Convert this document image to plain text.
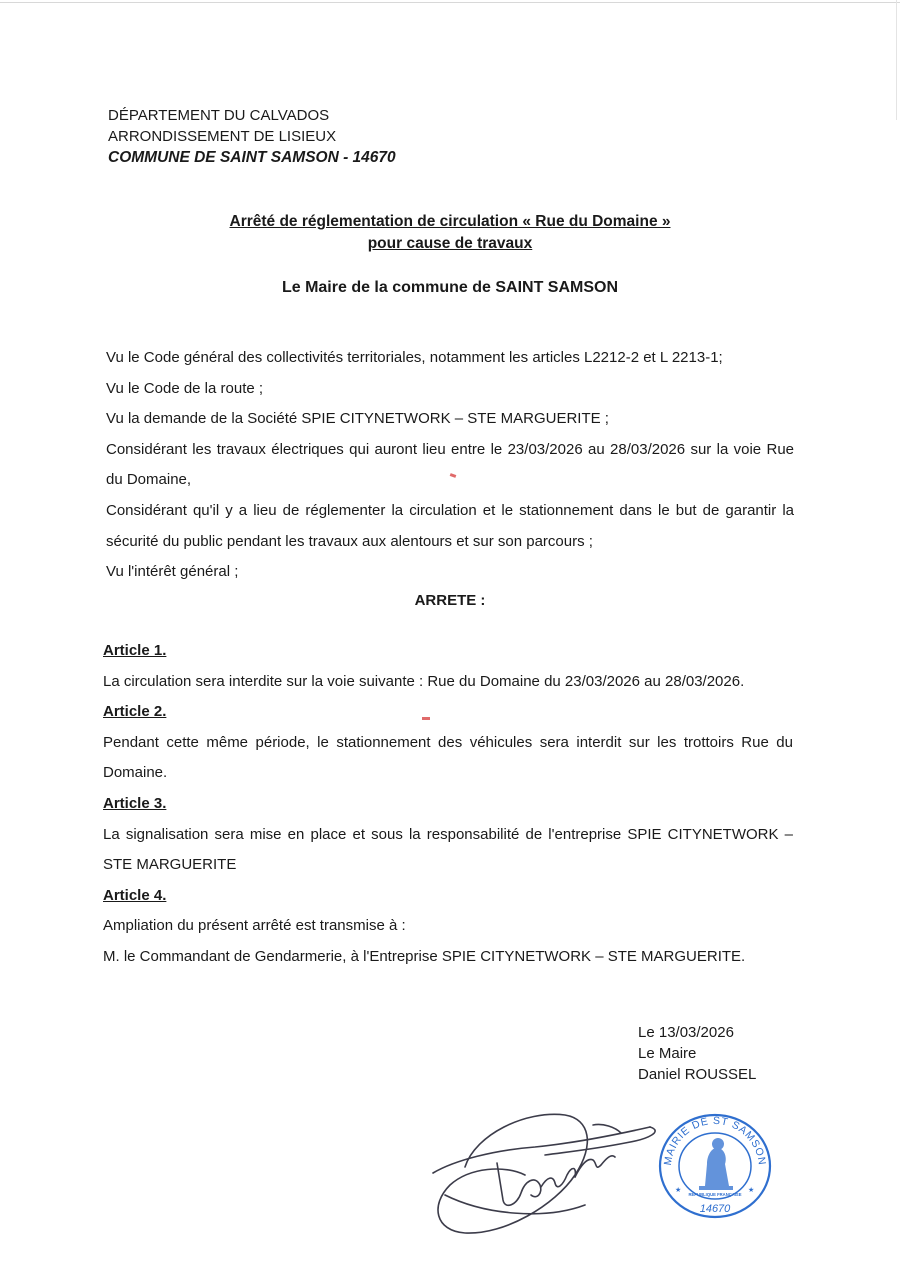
DÉPARTEMENT DU CALVADOS
ARRONDISSEMENT DE LISIEUX
COMMUNE DE SAINT SAMSON - 14670
Arrêté de réglementation de circulation « Rue du Domaine »
pour cause de travaux
Le Maire de la commune de SAINT SAMSON

Vu le Code général des collectivités territoriales, notamment les articles L2212-2 et L 2213-1;

Vu le Code de la route ;

Vu la demande de la Société SPIE CITYNETWORK – STE MARGUERITE ;

Considérant les travaux électriques qui auront lieu entre le 23/03/2026 au 28/03/2026 sur la voie Rue du Domaine,

Considérant qu'il y a lieu de réglementer la circulation et le stationnement dans le but de garantir la sécurité du public pendant les travaux aux alentours et sur son parcours ;

Vu l'intérêt général ;

ARRETE :

Article 1.

La circulation sera interdite sur la voie suivante : Rue du Domaine du 23/03/2026 au 28/03/2026.

Article 2.

Pendant cette même période, le stationnement des véhicules sera interdit sur les trottoirs Rue du Domaine.

Article 3.

La signalisation sera mise en place et sous la responsabilité de l'entreprise SPIE CITYNETWORK – STE MARGUERITE

Article 4.

Ampliation du présent arrêté est transmise à :

M. le Commandant de Gendarmerie, à l'Entreprise SPIE CITYNETWORK – STE MARGUERITE.

Le 13/03/2026
Le Maire
Daniel ROUSSEL
MAIRIE DE ST SAMSON
RÉPUBLIQUE FRANÇAISE
14670
★	★
